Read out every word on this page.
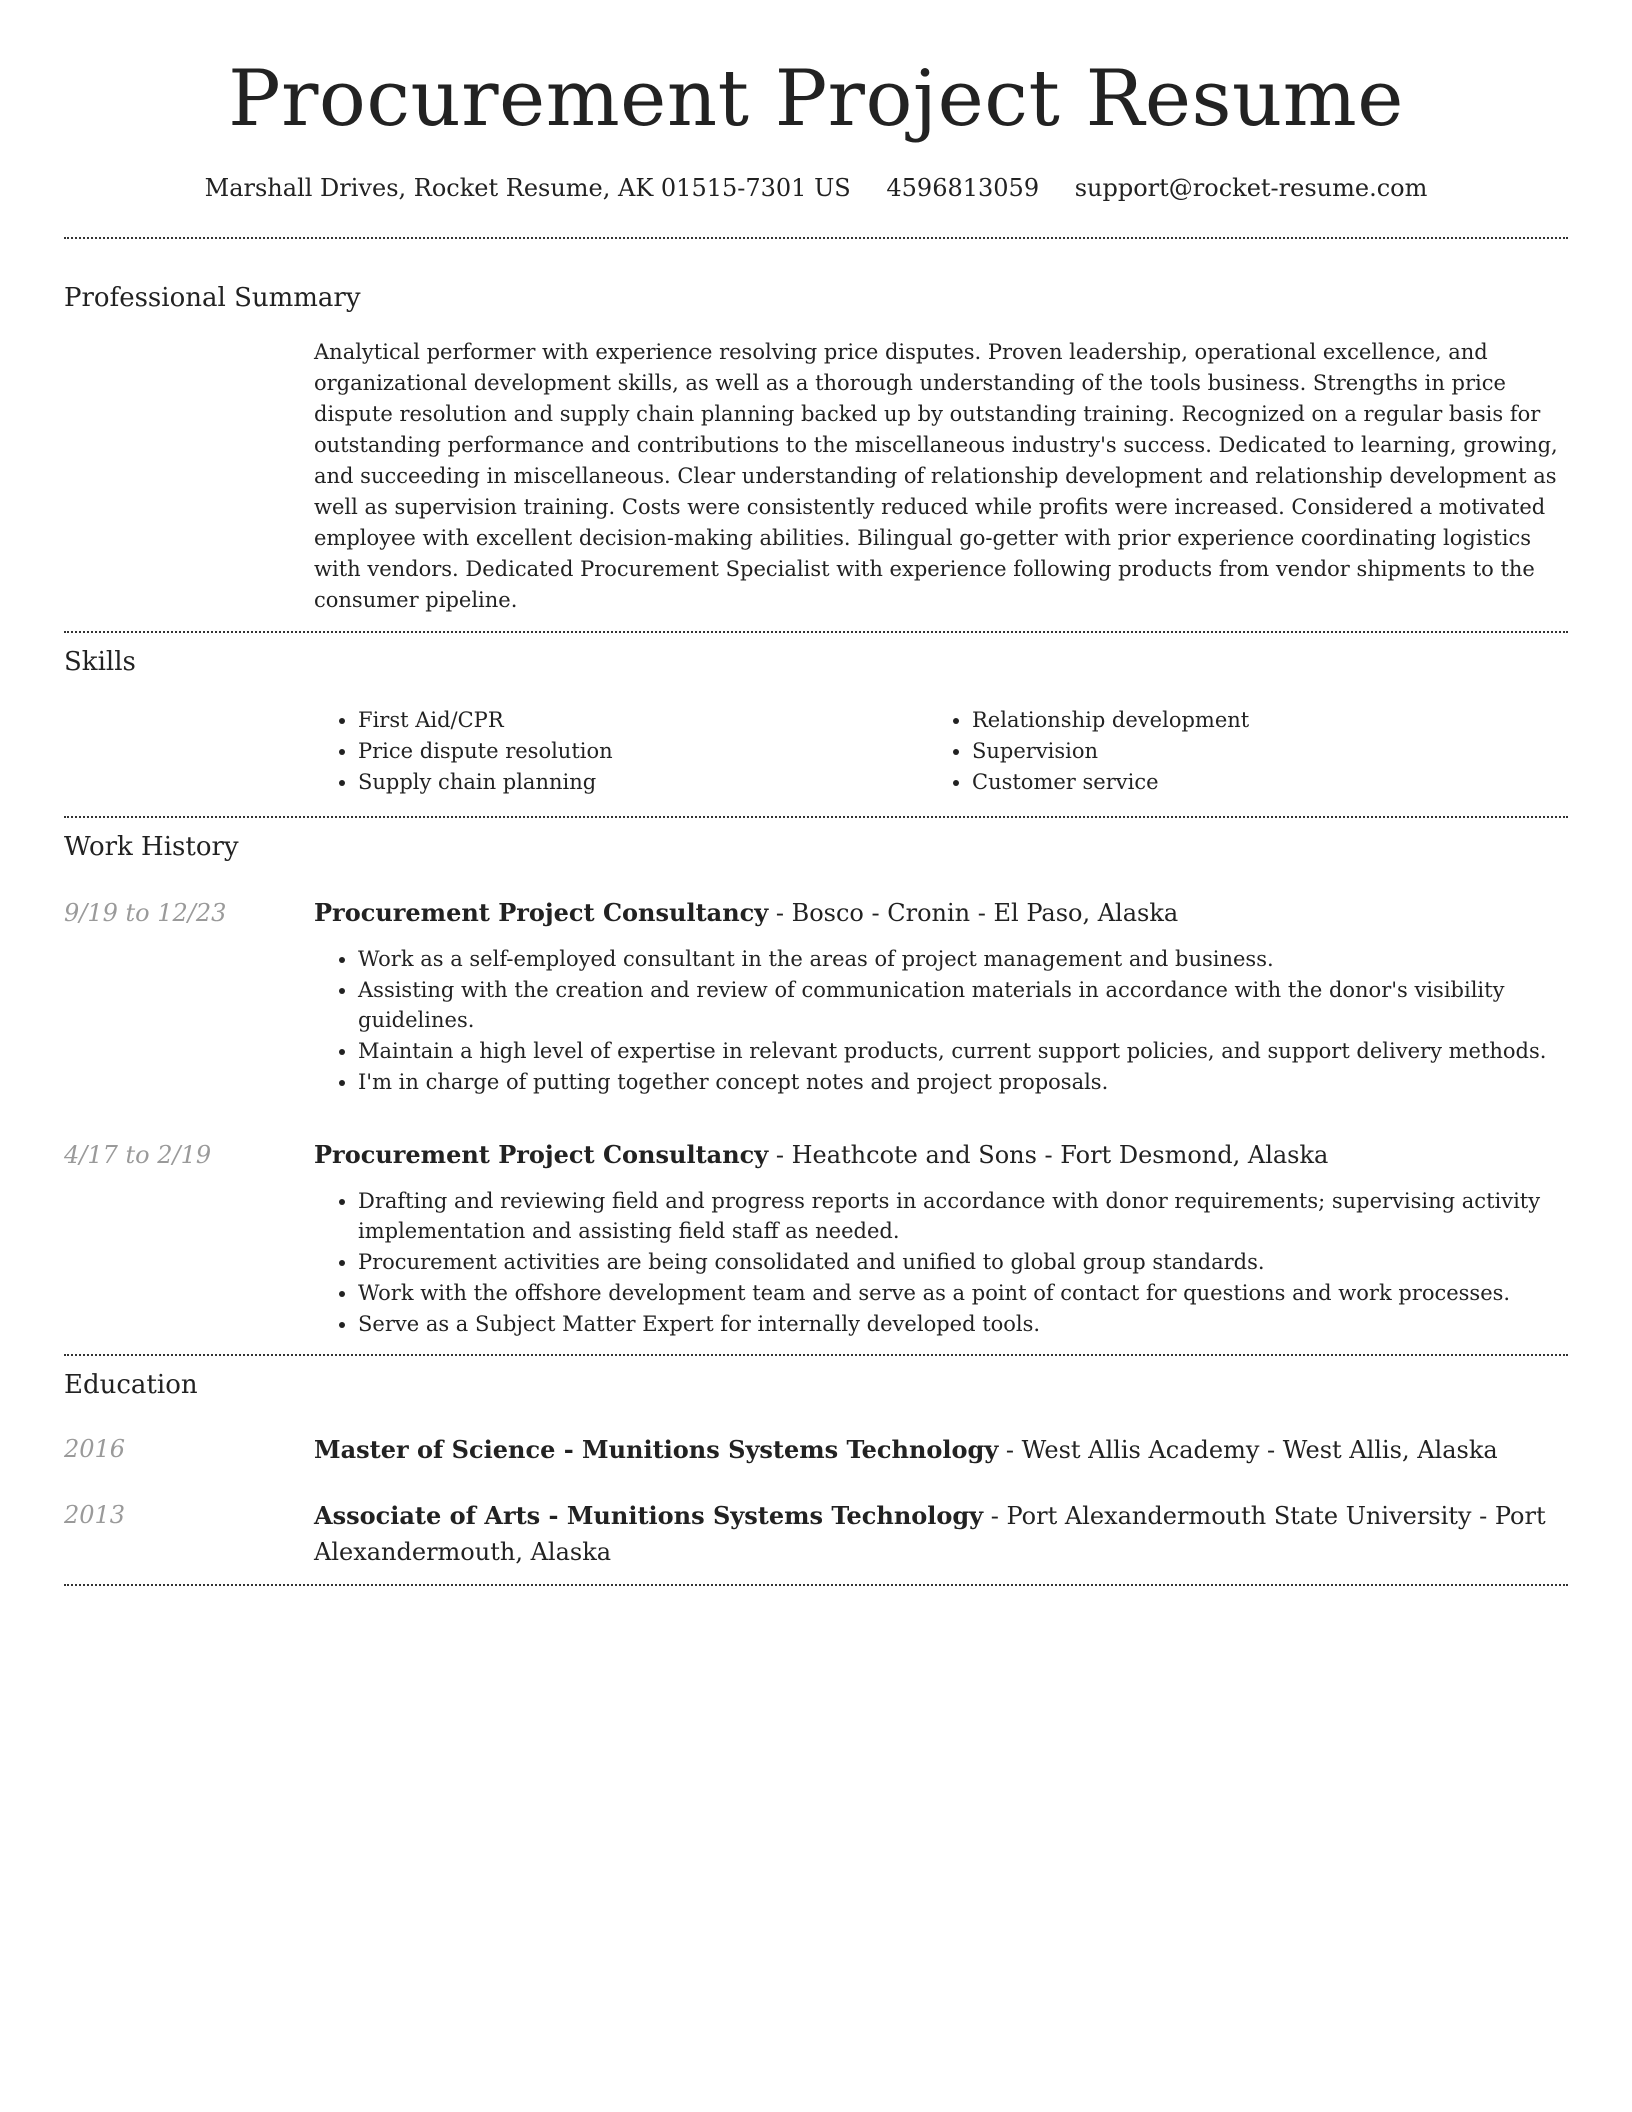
Procurement Project Resume
Marshall Drives, Rocket Resume, AK 01515-7301 US 4596813059 support@rocket-resume.com
Professional Summary

Analytical performer with experience resolving price disputes. Proven leadership, operational excellence, and organizational development skills, as well as a thorough understanding of the tools business. Strengths in price dispute resolution and supply chain planning backed up by outstanding training. Recognized on a regular basis for outstanding performance and contributions to the miscellaneous industry's success. Dedicated to learning, growing, and succeeding in miscellaneous. Clear understanding of relationship development and relationship development as well as supervision training. Costs were consistently reduced while profits were increased. Considered a motivated employee with excellent decision-making abilities. Bilingual go-getter with prior experience coordinating logistics with vendors. Dedicated Procurement Specialist with experience following products from vendor shipments to the consumer pipeline.

Skills
• First Aid/CPR
• Price dispute resolution
• Supply chain planning
• Relationship development
• Supervision
• Customer service
Work History
9/19 to 12/23	Procurement Project Consultancy - Bosco - Cronin - El Paso, Alaska
• Work as a self-employed consultant in the areas of project management and business.
• Assisting with the creation and review of communication materials in accordance with the donor's visibility guidelines.
• Maintain a high level of expertise in relevant products, current support policies, and support delivery methods.
• I'm in charge of putting together concept notes and project proposals.
4/17 to 2/19	Procurement Project Consultancy - Heathcote and Sons - Fort Desmond, Alaska
• Drafting and reviewing field and progress reports in accordance with donor requirements; supervising activity implementation and assisting field staff as needed.
• Procurement activities are being consolidated and unified to global group standards.
• Work with the offshore development team and serve as a point of contact for questions and work processes.
• Serve as a Subject Matter Expert for internally developed tools.
Education
2016	Master of Science - Munitions Systems Technology - West Allis Academy - West Allis, Alaska
2013	Associate of Arts - Munitions Systems Technology - Port Alexandermouth State University - Port Alexandermouth, Alaska
